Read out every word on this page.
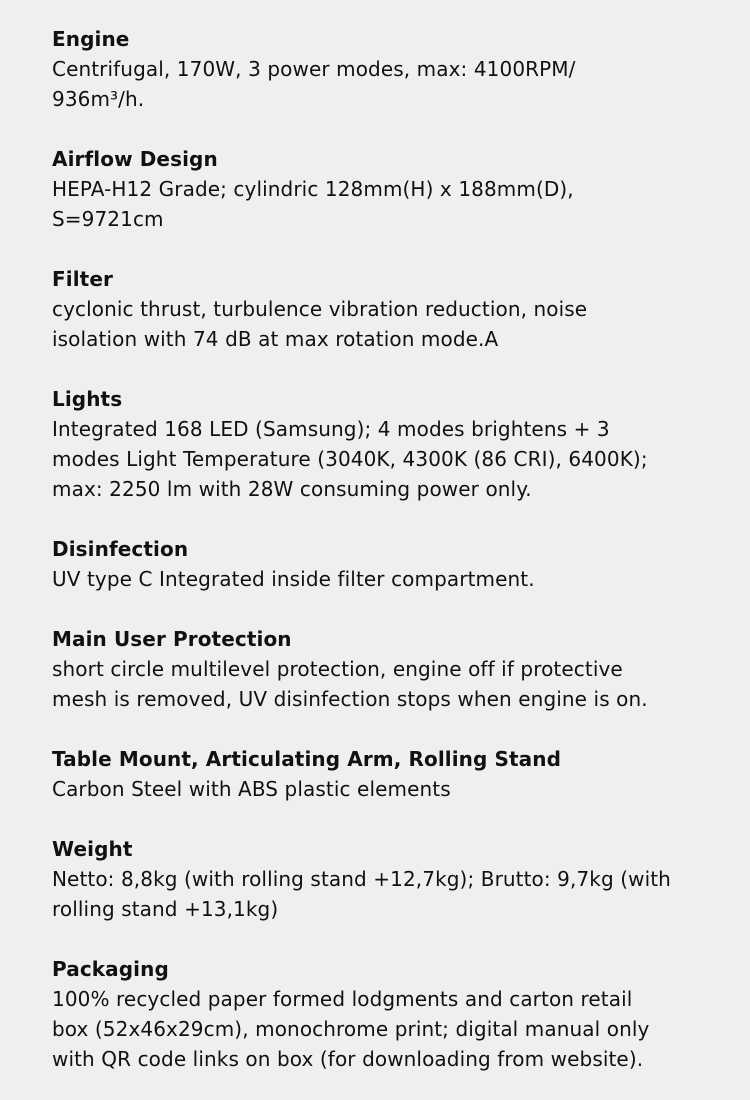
Engine

Centrifugal, 170W, 3 power modes, max: 4100RPM/
936m³/h.

Airflow Design

HEPA-H12 Grade; cylindric 128mm(H) x 188mm(D),
S=9721cm

Filter

cyclonic thrust, turbulence vibration reduction, noise
isolation with 74 dB at max rotation mode.A

Lights

Integrated 168 LED (Samsung); 4 modes brightens + 3
modes Light Temperature (3040K, 4300K (86 CRI), 6400K);
max: 2250 lm with 28W consuming power only.

Disinfection

UV type C Integrated inside filter compartment.

Main User Protection

short circle multilevel protection, engine off if protective
mesh is removed, UV disinfection stops when engine is on.

Table Mount, Articulating Arm, Rolling Stand

Carbon Steel with ABS plastic elements

Weight

Netto: 8,8kg (with rolling stand +12,7kg); Brutto: 9,7kg (with
rolling stand +13,1kg)

Packaging

100% recycled paper formed lodgments and carton retail
box (52x46x29cm), monochrome print; digital manual only
with QR code links on box (for downloading from website).
